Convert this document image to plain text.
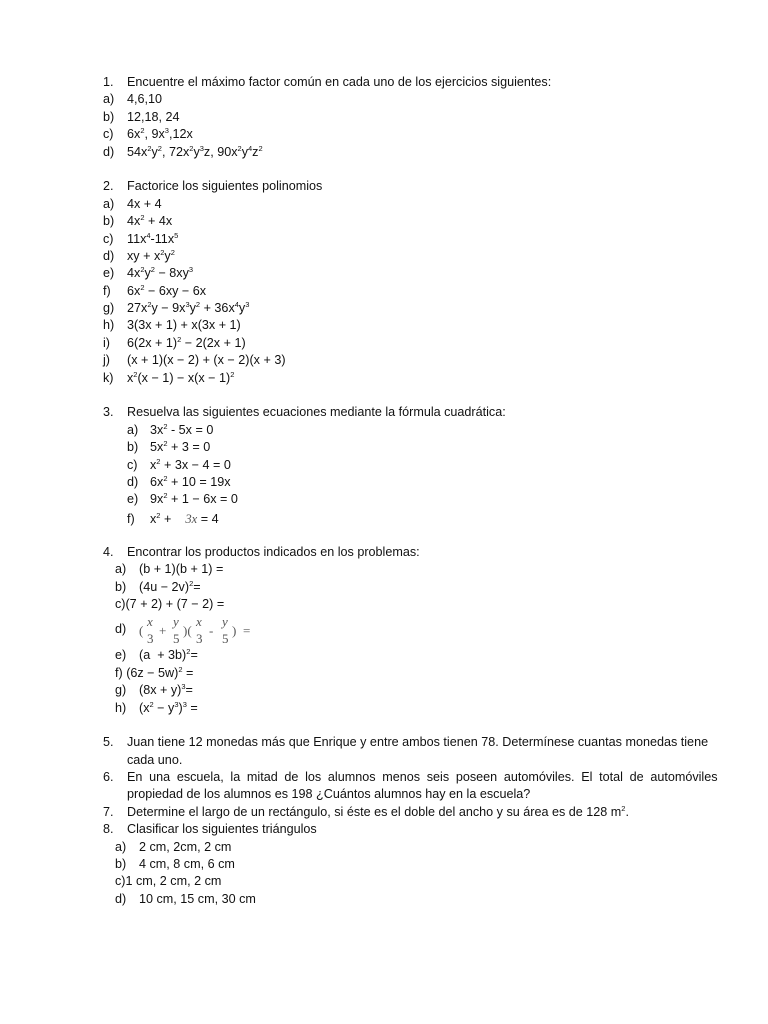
1. Encuentre el máximo factor común en cada uno de los ejercicios siguientes:
a) 4,6,10
b) 12,18, 24
c) $6x^2$, $9x^3,12x$
d) $54x^2y^2$, $72x^2y^3z$, $90x^2y^4z^2$
2. Factorice los siguientes polinomios
a) 4x + 4
b) $4x^2 + 4x$
c) $11x^4-11x^5$
d) xy + $x^2y^2$
e) $4x^2y^2 - 8xy^3$
f) $6x^2 - 6xy - 6x$
g) $27x^2y - 9x^3y^2 + 36x^4y^3$
h) 3(3x + 1) + x(3x + 1)
i) $6(2x + 1)^2 - 2(2x + 1)$
j) (x + 1)(x − 2) + (x − 2)(x + 3)
k) $x^2(x - 1) - x(x - 1)^2$
3. Resuelva las siguientes ecuaciones mediante la fórmula cuadrática:
a) $3x^2 - 5x = 0$
b) $5x^2 + 3 = 0$
c) $x^2 + 3x - 4 = 0$
d) $6x^2 + 10 = 19x$
e) $9x^2 + 1 - 6x = 0$
f) $x^2$ +    3x = 4
4. Encontrar los productos indicados en los problemas:
a) (b + 1)(b + 1) =
b) $(4u - 2v)^2=$
c)(7 + 2) + (7 − 2) =
d) (
x
3
+
y
5
)(
x
3
-
y
5
) =
e) $(a + 3b)^2=$
f) $(6z - 5w)^2$ =
g) $(8x + y)^3=$
h) $(x^2 - y^3)^3$ =
5. Juan tiene 12 monedas más que Enrique y entre ambos tienen 78. Determínese cuantas monedas tiene
cada uno.
6. En una escuela, la mitad de los alumnos menos seis poseen automóviles. El total de automóviles
propiedad de los alumnos es 198 ¿Cuántos alumnos hay en la escuela?
7. Determine el largo de un rectángulo, si éste es el doble del ancho y su área es de 128 $m^2$.
8. Clasificar los siguientes triángulos
a) 2 cm, 2cm, 2 cm
b) 4 cm, 8 cm, 6 cm
c)1 cm, 2 cm, 2 cm
d) 10 cm, 15 cm, 30 cm
